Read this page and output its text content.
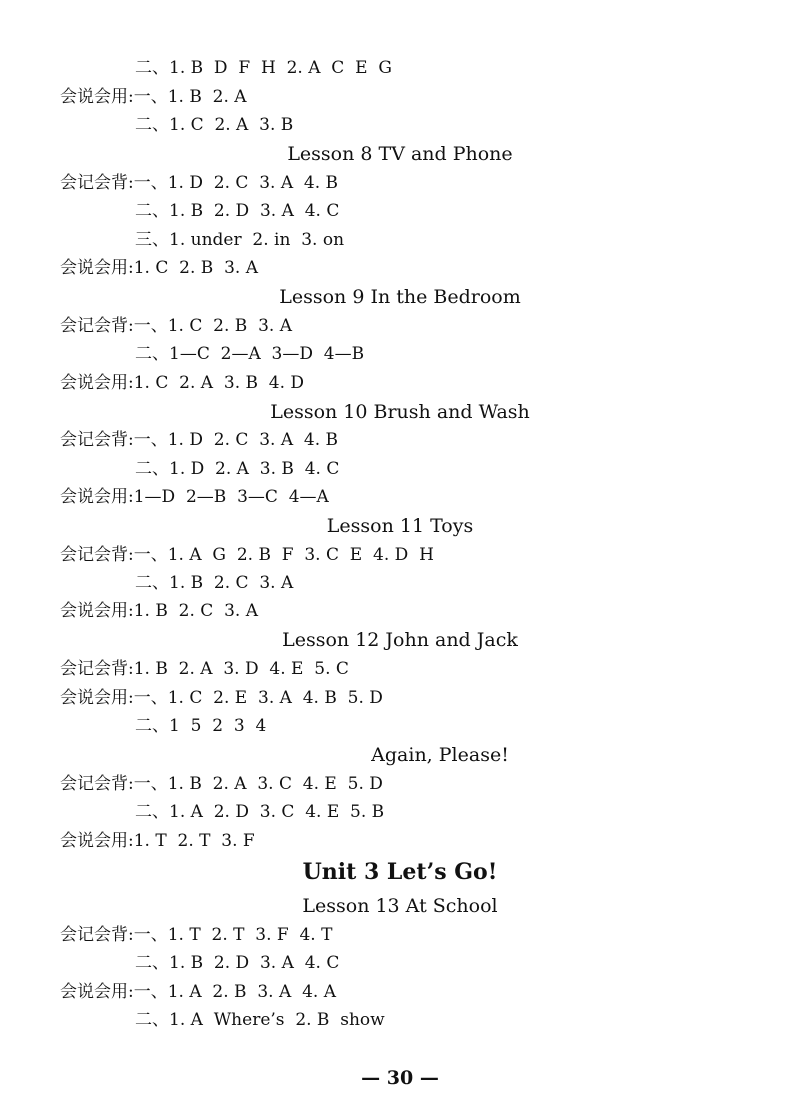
二、1. B  D  F  H  2. A  C  E  G
会说会用:一、1. B  2. A
二、1. C  2. A  3. B
Lesson 8 TV and Phone
会记会背:一、1. D  2. C  3. A  4. B
二、1. B  2. D  3. A  4. C
三、1. under  2. in  3. on
会说会用:1. C  2. B  3. A
Lesson 9 In the Bedroom
会记会背:一、1. C  2. B  3. A
二、1—C  2—A  3—D  4—B
会说会用:1. C  2. A  3. B  4. D
Lesson 10 Brush and Wash
会记会背:一、1. D  2. C  3. A  4. B
二、1. D  2. A  3. B  4. C
会说会用:1—D  2—B  3—C  4—A
Lesson 11 Toys
会记会背:一、1. A  G  2. B  F  3. C  E  4. D  H
二、1. B  2. C  3. A
会说会用:1. B  2. C  3. A
Lesson 12 John and Jack
会记会背:1. B  2. A  3. D  4. E  5. C
会说会用:一、1. C  2. E  3. A  4. B  5. D
二、1  5  2  3  4
Again, Please!
会记会背:一、1. B  2. A  3. C  4. E  5. D
二、1. A  2. D  3. C  4. E  5. B
会说会用:1. T  2. T  3. F
Unit 3 Let’s Go!
Lesson 13 At School
会记会背:一、1. T  2. T  3. F  4. T
二、1. B  2. D  3. A  4. C
会说会用:一、1. A  2. B  3. A  4. A
二、1. A  Where’s  2. B  show
— 30 —
